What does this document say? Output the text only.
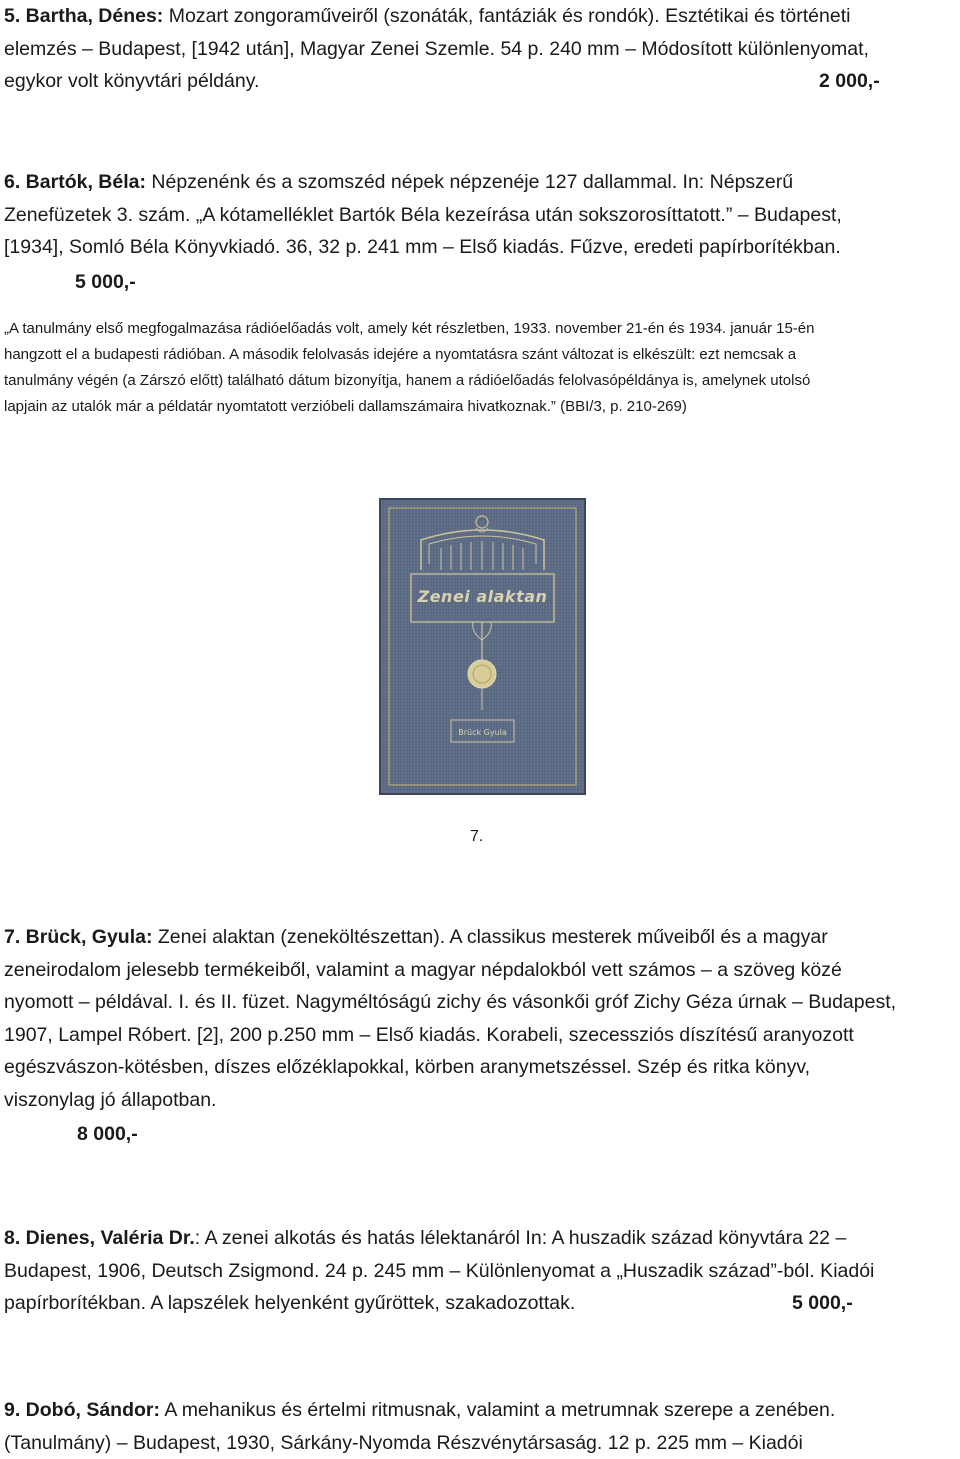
5. Bartha, Dénes: Mozart zongoraműveiről (szonáták, fantáziák és rondók). Esztétikai és történeti
elemzés – Budapest, [1942 után], Magyar Zenei Szemle. 54 p. 240 mm – Módosított különlenyomat,
egykor volt könyvtári példány.	2 000,-
6. Bartók, Béla: Népzenénk és a szomszéd népek népzenéje 127 dallammal. In: Népszerű
Zenefüzetek 3. szám. „A kótamelléklet Bartók Béla kezeírása után sokszorosíttatott.” – Budapest,
[1934], Somló Béla Könyvkiadó. 36, 32 p. 241 mm – Első kiadás. Fűzve, eredeti papírborítékban.
5 000,-
„A tanulmány első megfogalmazása rádióelőadás volt, amely két részletben, 1933. november 21-én és 1934. január 15-én
hangzott el a budapesti rádióban. A második felolvasás idejére a nyomtatásra szánt változat is elkészült: ezt nemcsak a
tanulmány végén (a Zárszó előtt) található dátum bizonyítja, hanem a rádióelőadás felolvasópéldánya is, amelynek utolsó
lapjain az utalók már a példatár nyomtatott verzióbeli dallamszámaira hivatkoznak.” (BBI/3, p. 210-269)
Zenei alaktan
Brück Gyula
7.
7. Brück, Gyula: Zenei alaktan (zeneköltészettan). A classikus mesterek műveiből és a magyar
zeneirodalom jelesebb termékeiből, valamint a magyar népdalokból vett számos – a szöveg közé
nyomott – példával. I. és II. füzet. Nagyméltóságú zichy és vásonkői gróf Zichy Géza úrnak – Budapest,
1907, Lampel Róbert. [2], 200 p.250 mm – Első kiadás. Korabeli, szecessziós díszítésű aranyozott
egészvászon-kötésben, díszes előzéklapokkal, körben aranymetszéssel. Szép és ritka könyv,
viszonylag jó állapotban.
8 000,-
8. Dienes, Valéria Dr.: A zenei alkotás és hatás lélektanáról In: A huszadik század könyvtára 22 –
Budapest, 1906, Deutsch Zsigmond. 24 p. 245 mm – Különlenyomat a „Huszadik század”-ból. Kiadói
papírborítékban. A lapszélek helyenként gyűröttek, szakadozottak.	5 000,-
9. Dobó, Sándor: A mehanikus és értelmi ritmusnak, valamint a metrumnak szerepe a zenében.
(Tanulmány) – Budapest, 1930, Sárkány-Nyomda Részvénytársaság. 12 p. 225 mm – Kiadói
